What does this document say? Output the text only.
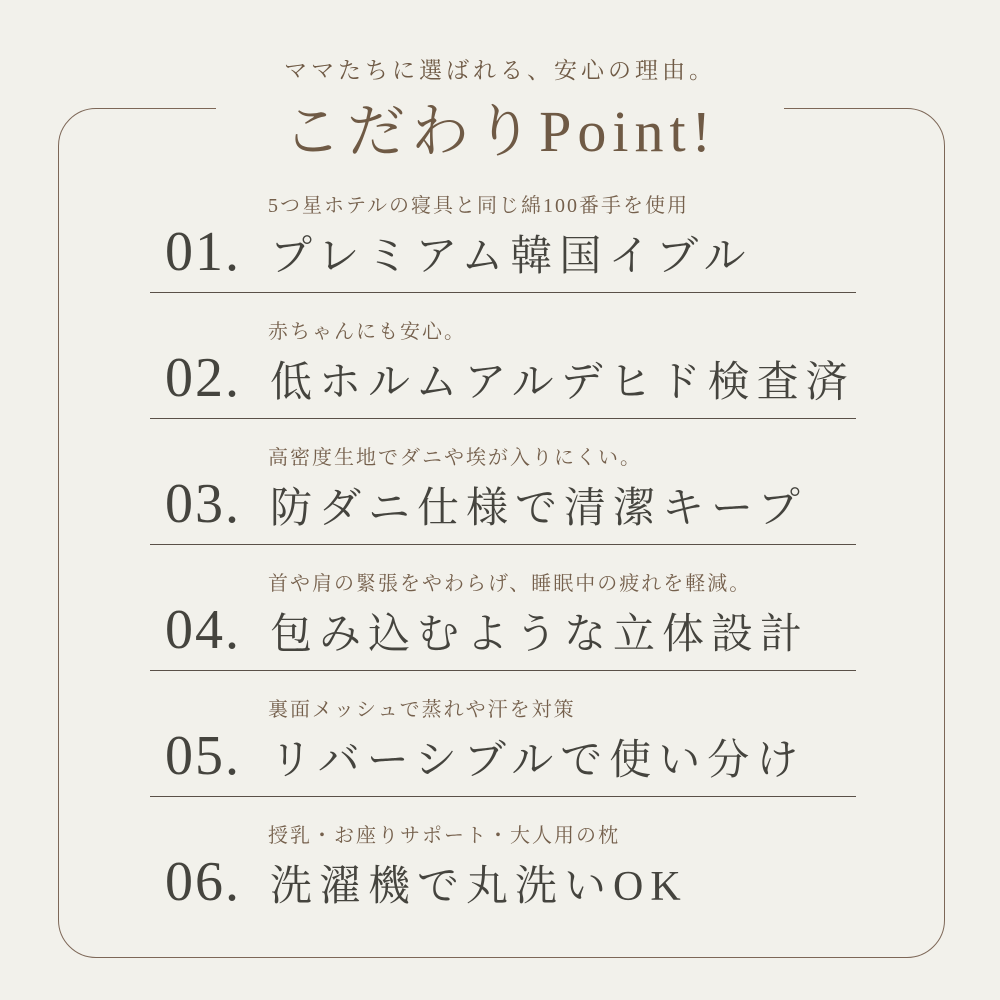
ママたちに選ばれる、安心の理由。
こだわりPoint!
5つ星ホテルの寝具と同じ綿100番手を使用
01. プレミアム韓国イブル
赤ちゃんにも安心。
02. 低ホルムアルデヒド検査済
高密度生地でダニや埃が入りにくい。
03. 防ダニ仕様で清潔キープ
首や肩の緊張をやわらげ、睡眠中の疲れを軽減。
04. 包み込むような立体設計
裏面メッシュで蒸れや汗を対策
05. リバーシブルで使い分け
授乳・お座りサポート・大人用の枕
06. 洗濯機で丸洗いOK
